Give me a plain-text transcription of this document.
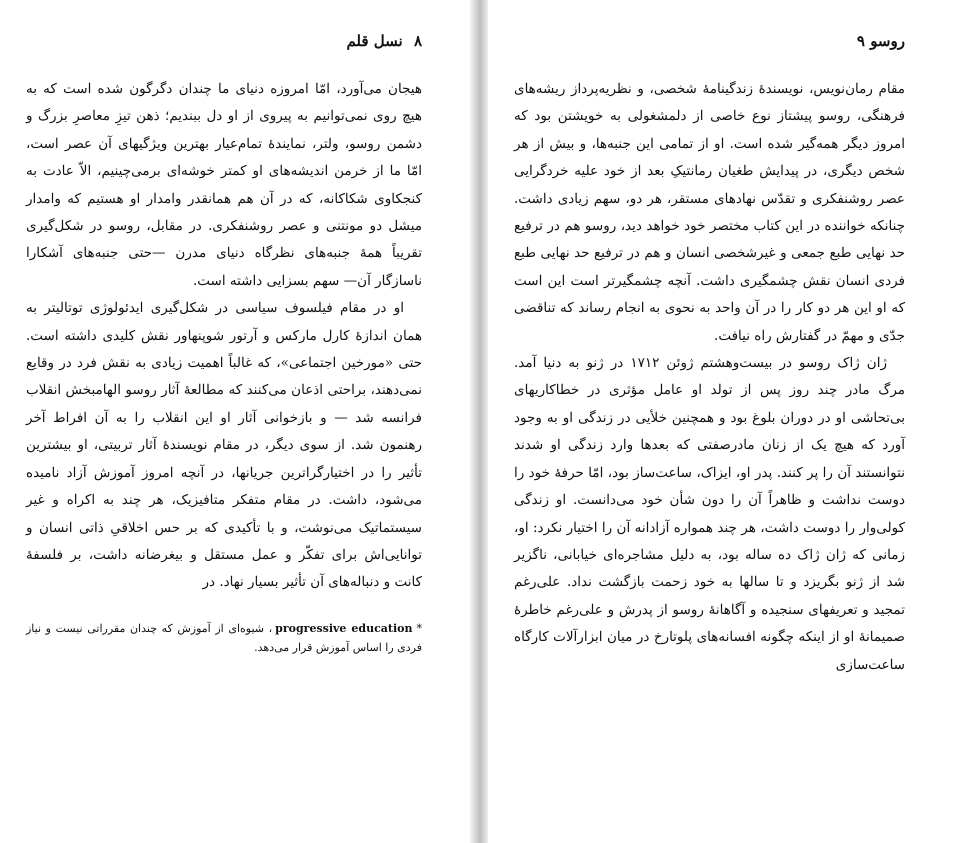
۸ نسل قلم

هیجان می‌آورد، امّا امروزه دنیای ما چندان دگرگون شده است که به هیچ روی نمی‌توانیم به پیروی از او دل ببندیم؛ ذهن تیزِ معاصرِ بزرگ و دشمن روسو، ولتر، نمایندهٔ تمام‌عیار بهترین ویژگیهای آن عصر است، امّا ما از خرمن اندیشه‌های او کمتر خوشه‌ای برمی‌چینیم، الاّ عادت به کنجکاوی شکاکانه، که در آن هم همانقدر وامدار او هستیم که وامدار میشل دو مونتنی و عصر روشنفکری. در مقابل، روسو در شکل‌گیری تقریباً همهٔ جنبه‌های نظرگاه دنیای مدرن —حتی جنبه‌های آشکارا ناسازگار آن— سهم بسزایی داشته است.

او در مقام فیلسوف سیاسی در شکل‌گیری ایدئولوژی توتالیتر به همان اندازهٔ کارل مارکس و آرتور شوپنهاور نقش کلیدی داشته است. حتی «مورخین اجتماعی»، که غالباً اهمیت زیادی به نقش فرد در وقایع نمی‌دهند، براحتی اذعان می‌کنند که مطالعهٔ آثار روسو الهامبخش انقلاب فرانسه شد — و بازخوانی آثار او این انقلاب را به آن افراط آخر رهنمون شد. از سوی دیگر، در مقام نویسندهٔ آثار تربیتی، او بیشترین تأثیر را در اختیارگراترین جریانها، در آنچه امروز آموزش آزاد نامیده می‌شود، داشت. در مقام متفکر متافیزیک، هر چند به اکراه و غیر سیستماتیک می‌نوشت، و با تأکیدی که بر حس اخلاقیِ ذاتی انسان و توانایی‌اش برای تفکّر و عمل مستقل و بیغرضانه داشت، بر فلسفهٔ کانت و دنباله‌های آن تأثیر بسیار نهاد. در

*progressive education، شیوه‌ای از آموزش که چندان مقرراتی نیست و نیاز فردی را اساس آموزش قرار می‌دهد.

روسو ۹

مقام رمان‌نویس، نویسندهٔ زندگینامهٔ شخصی، و نظریه‌پرداز ریشه‌های فرهنگی، روسو پیشتاز نوع خاصی از دلمشغولی به خویشتن بود که امروز دیگر همه‌گیر شده است. او از تمامی این جنبه‌ها، و بیش از هر شخص دیگری، در پیدایش طغیان رمانتیکِ بعد از خود علیه خردگرایی عصر روشنفکری و تقدّس نهادهای مستقر، هر دو، سهم زیادی داشت. چنانکه خواننده در این کتاب مختصر خود خواهد دید، روسو هم در ترفیع حد نهایی طبع جمعی و غیرشخصی انسان و هم در ترفیع حد نهایی طبع فردی انسان نقش چشمگیری داشت. آنچه چشمگیرتر است این است که او این هر دو کار را در آن واحد به نحوی به انجام رساند که تناقضی جدّی و مهمّ در گفتارش راه نیافت.

ژان ژاک روسو در بیست‌وهشتم ژوئن ۱۷۱۲ در ژنو به دنیا آمد. مرگ مادر چند روز پس از تولد او عامل مؤثری در خطاکاریهای بی‌تحاشی او در دوران بلوغ بود و همچنین خلأیی در زندگی او به وجود آورد که هیچ یک از زنان مادرصفتی که بعدها وارد زندگی او شدند نتوانستند آن را پر کنند. پدر او، ایزاک، ساعت‌ساز بود، امّا حرفهٔ خود را دوست نداشت و ظاهراً آن را دون شأن خود می‌دانست. او زندگی کولی‌وار را دوست داشت، هر چند همواره آزادانه آن را اختیار نکرد: او، زمانی که ژان ژاک ده ساله بود، به دلیل مشاجره‌ای خیابانی، ناگزیر شد از ژنو بگریزد و تا سالها به خود زحمت بازگشت نداد. علی‌رغم تمجید و تعریفهای سنجیده و آگاهانهٔ روسو از پدرش و علی‌رغم خاطرهٔ صمیمانهٔ او از اینکه چگونه افسانه‌های پلوتارخ در میان ابزارآلات کارگاه ساعت‌سازی
